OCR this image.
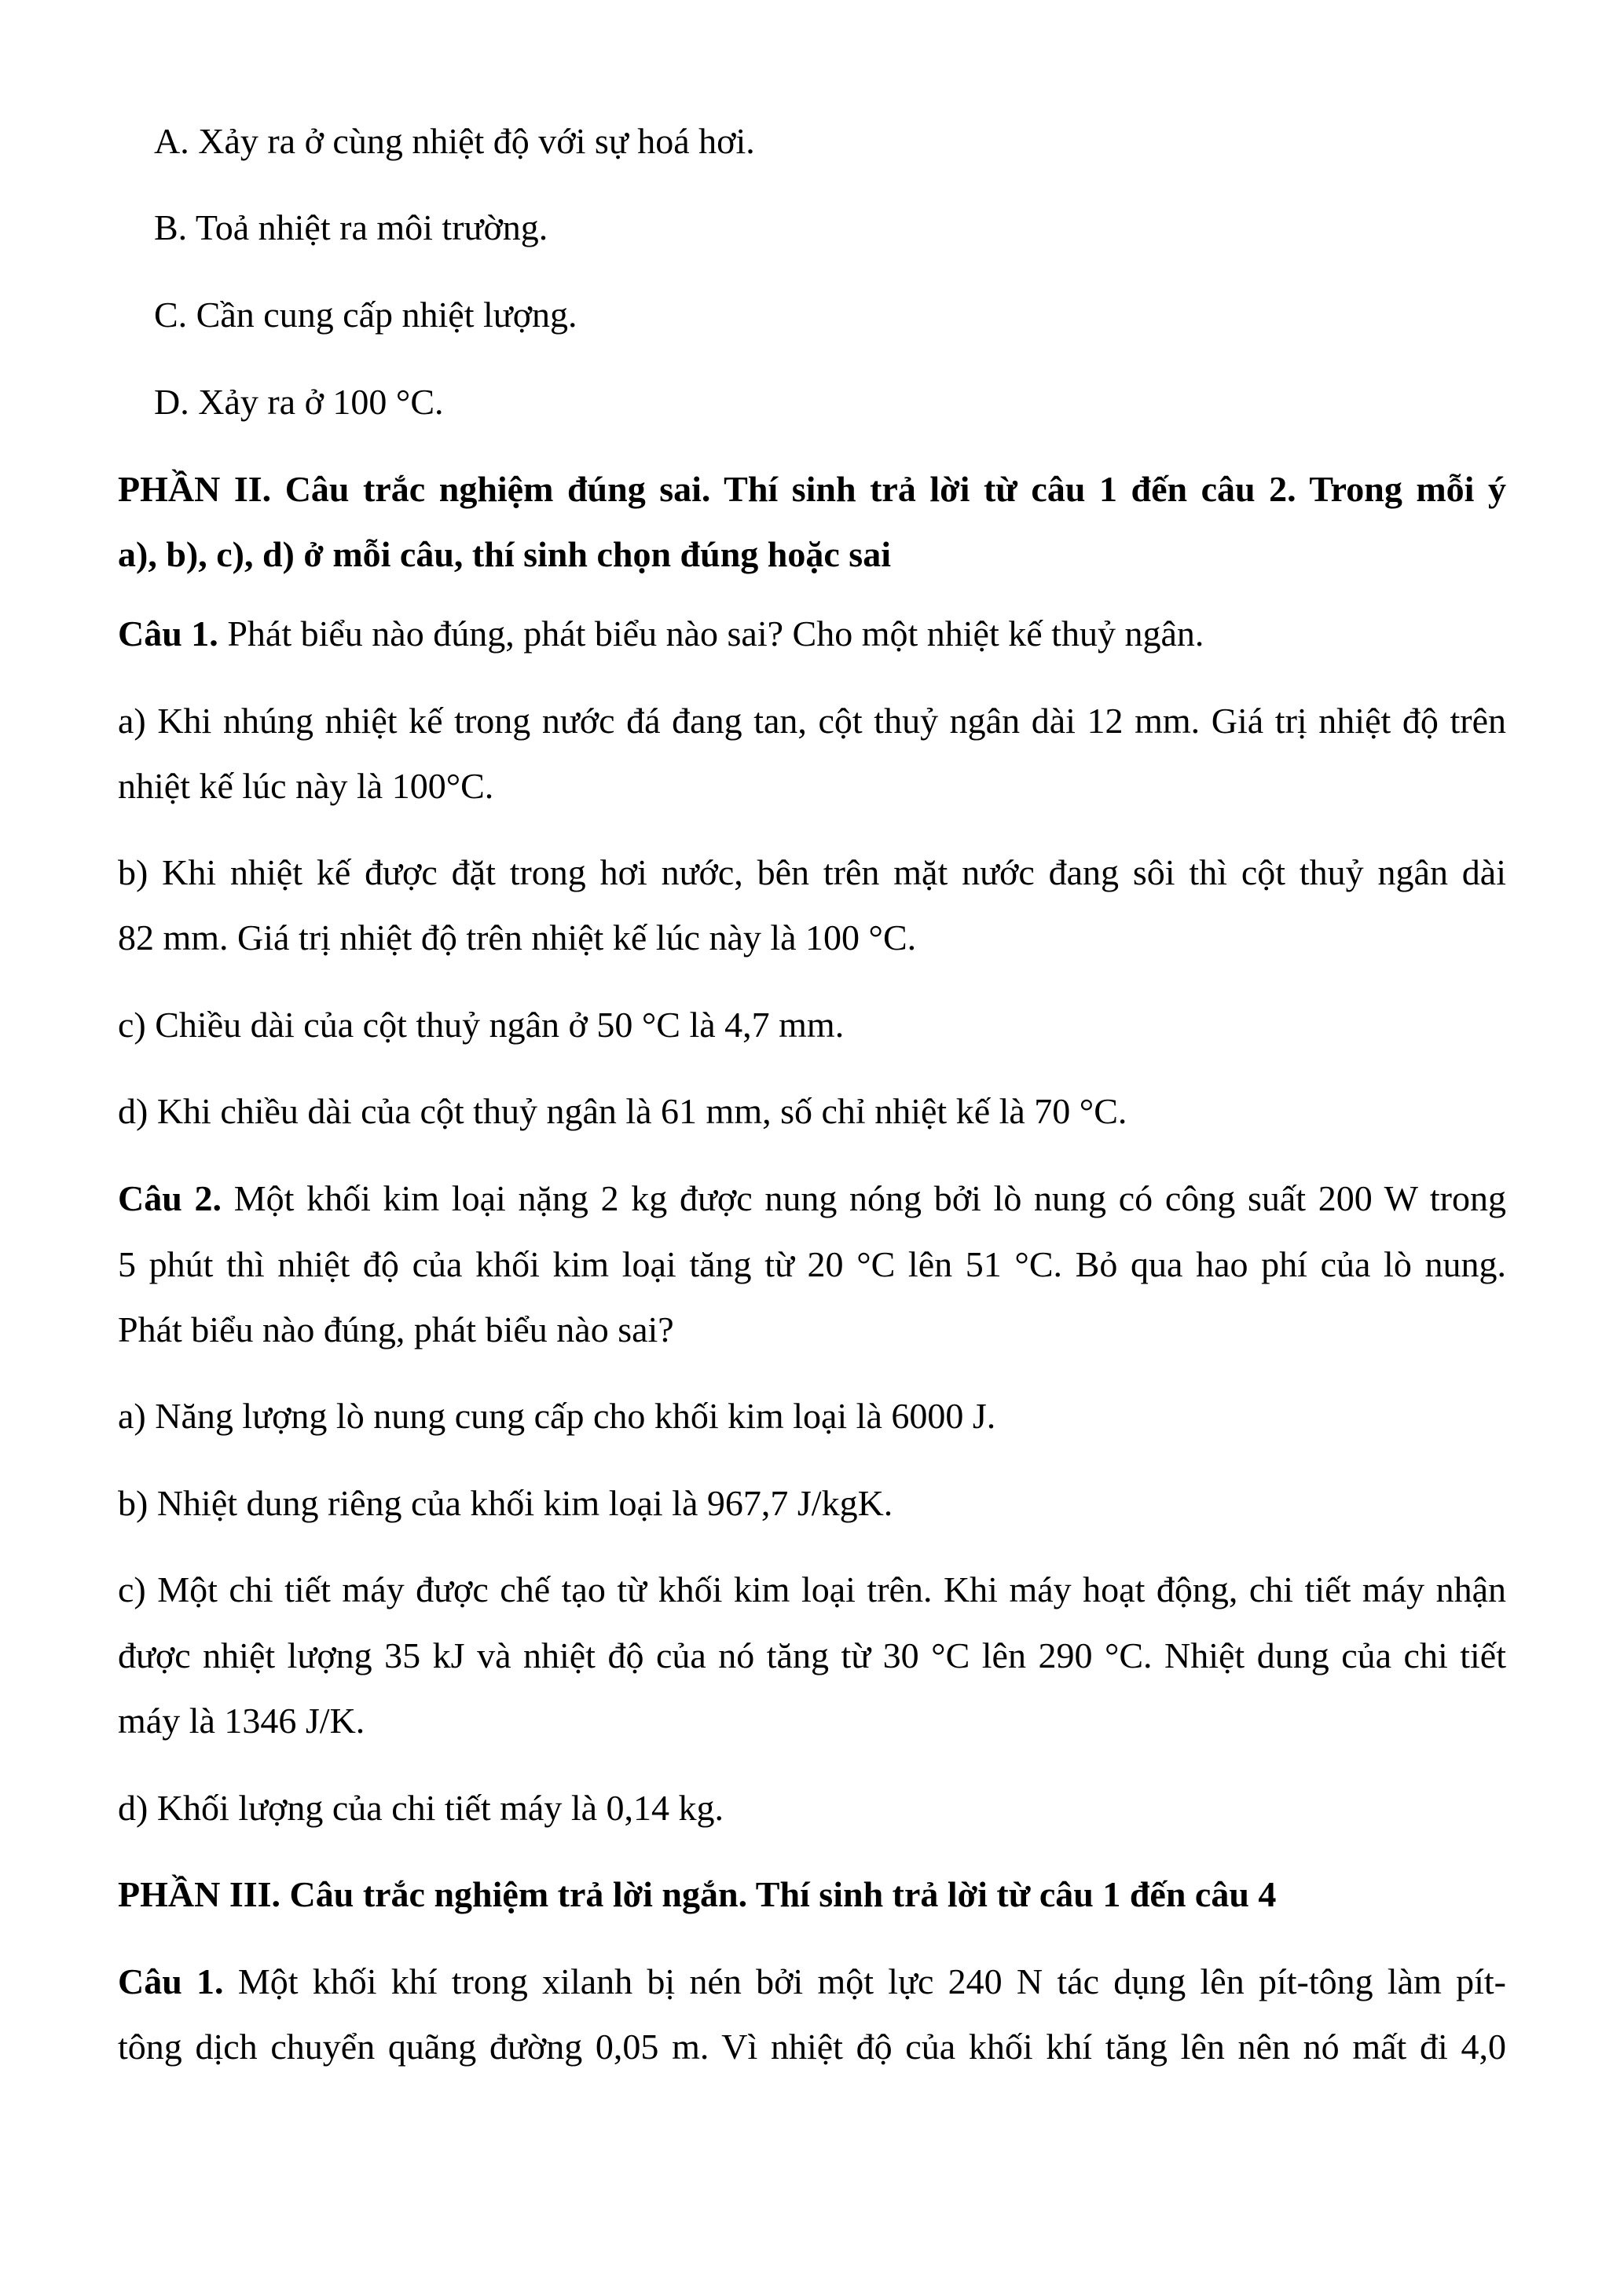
A. Xảy ra ở cùng nhiệt độ với sự hoá hơi.
B. Toả nhiệt ra môi trường.
C. Cần cung cấp nhiệt lượng.
D. Xảy ra ở 100 °C.
PHẦN II. Câu trắc nghiệm đúng sai. Thí sinh trả lời từ câu 1 đến câu 2. Trong mỗi ý
a), b), c), d) ở mỗi câu, thí sinh chọn đúng hoặc sai
Câu 1. Phát biểu nào đúng, phát biểu nào sai? Cho một nhiệt kế thuỷ ngân.
a) Khi nhúng nhiệt kế trong nước đá đang tan, cột thuỷ ngân dài 12 mm. Giá trị nhiệt độ trên
nhiệt kế lúc này là 100°C.
b) Khi nhiệt kế được đặt trong hơi nước, bên trên mặt nước đang sôi thì cột thuỷ ngân dài
82 mm. Giá trị nhiệt độ trên nhiệt kế lúc này là 100 °C.
c) Chiều dài của cột thuỷ ngân ở 50 °C là 4,7 mm.
d) Khi chiều dài của cột thuỷ ngân là 61 mm, số chỉ nhiệt kế là 70 °C.
Câu 2. Một khối kim loại nặng 2 kg được nung nóng bởi lò nung có công suất 200 W trong
5 phút thì nhiệt độ của khối kim loại tăng từ 20 °C lên 51 °C. Bỏ qua hao phí của lò nung.
Phát biểu nào đúng, phát biểu nào sai?
a) Năng lượng lò nung cung cấp cho khối kim loại là 6000 J.
b) Nhiệt dung riêng của khối kim loại là 967,7 J/kgK.
c) Một chi tiết máy được chế tạo từ khối kim loại trên. Khi máy hoạt động, chi tiết máy nhận
được nhiệt lượng 35 kJ và nhiệt độ của nó tăng từ 30 °C lên 290 °C. Nhiệt dung của chi tiết
máy là 1346 J/K.
d) Khối lượng của chi tiết máy là 0,14 kg.
PHẦN III. Câu trắc nghiệm trả lời ngắn. Thí sinh trả lời từ câu 1 đến câu 4
Câu 1. Một khối khí trong xilanh bị nén bởi một lực 240 N tác dụng lên pít-tông làm pít-
tông dịch chuyển quãng đường 0,05 m. Vì nhiệt độ của khối khí tăng lên nên nó mất đi 4,0
